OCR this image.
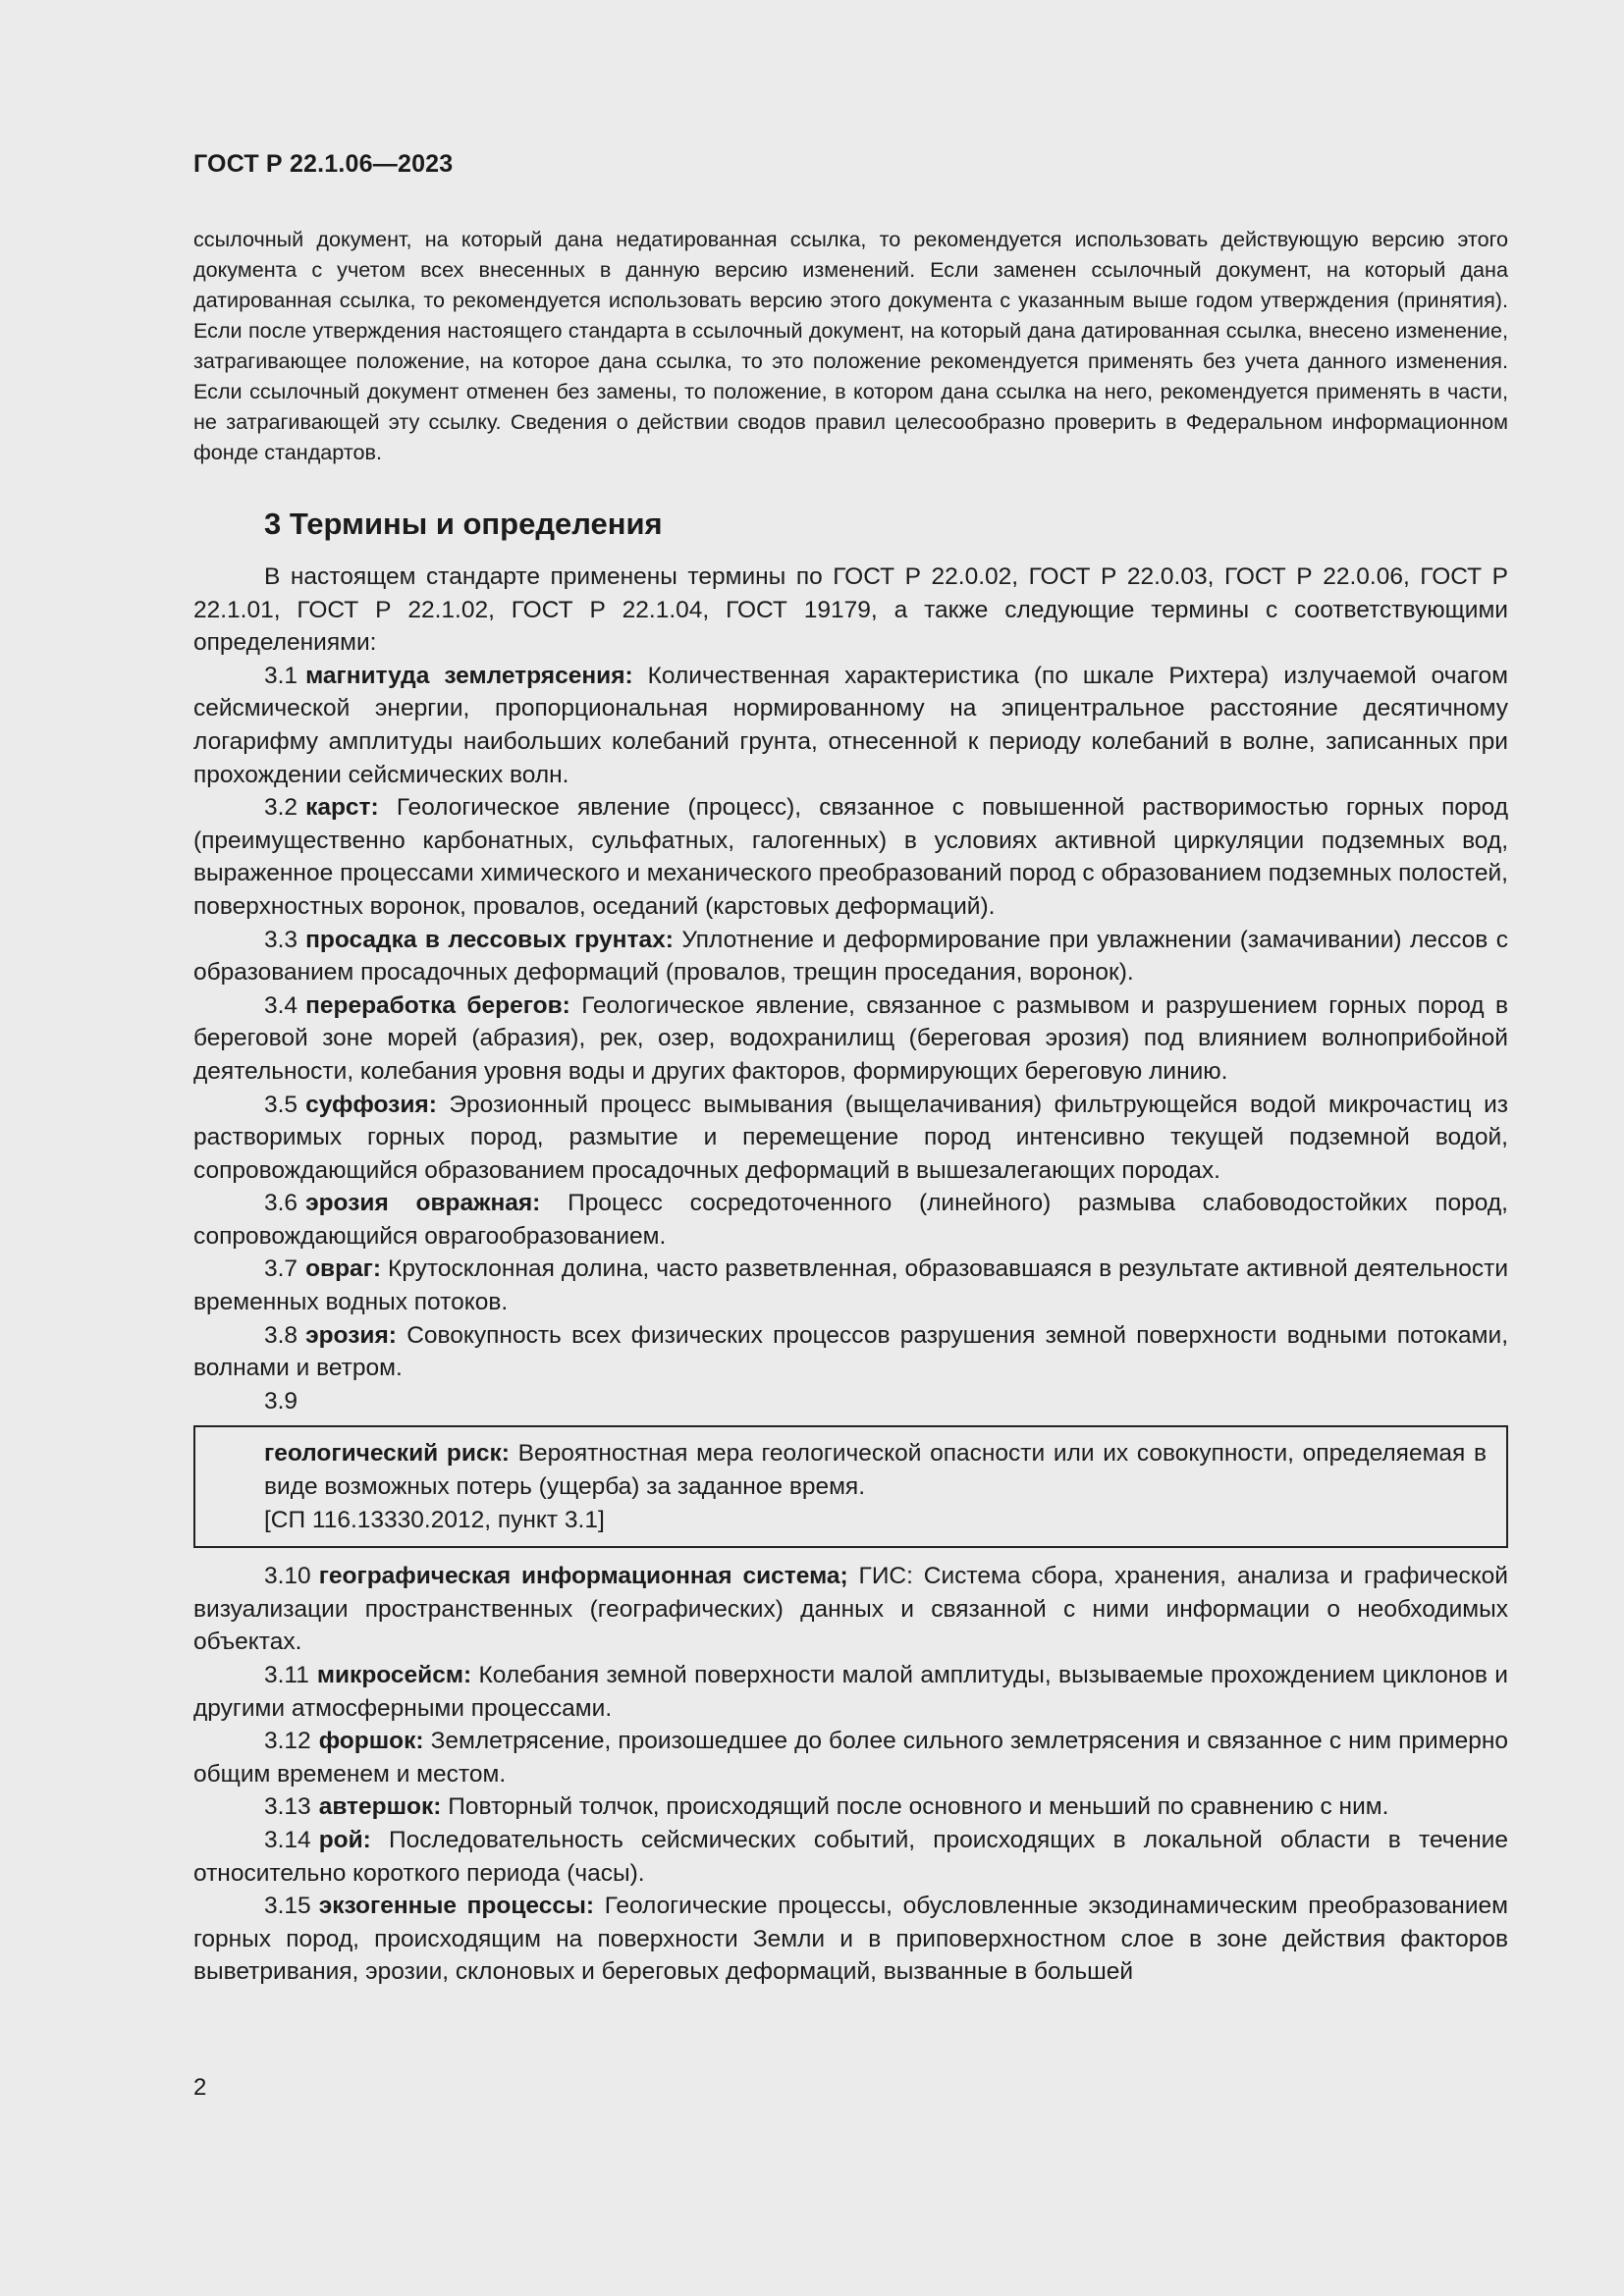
ГОСТ Р 22.1.06—2023

ссылочный документ, на который дана недатированная ссылка, то рекомендуется использовать действующую версию этого документа с учетом всех внесенных в данную версию изменений. Если заменен ссылочный документ, на который дана датированная ссылка, то рекомендуется использовать версию этого документа с указанным выше годом утверждения (принятия). Если после утверждения настоящего стандарта в ссылочный документ, на который дана датированная ссылка, внесено изменение, затрагивающее положение, на которое дана ссылка, то это положение рекомендуется применять без учета данного изменения. Если ссылочный документ отменен без замены, то положение, в котором дана ссылка на него, рекомендуется применять в части, не затрагивающей эту ссылку. Сведения о действии сводов правил целесообразно проверить в Федеральном информационном фонде стандартов.

3 Термины и определения

В настоящем стандарте применены термины по ГОСТ Р 22.0.02, ГОСТ Р 22.0.03, ГОСТ Р 22.0.06, ГОСТ Р 22.1.01, ГОСТ Р 22.1.02, ГОСТ Р 22.1.04, ГОСТ 19179, а также следующие термины с соответствующими определениями:

3.1 магнитуда землетрясения: Количественная характеристика (по шкале Рихтера) излучаемой очагом сейсмической энергии, пропорциональная нормированному на эпицентральное расстояние десятичному логарифму амплитуды наибольших колебаний грунта, отнесенной к периоду колебаний в волне, записанных при прохождении сейсмических волн.

3.2 карст: Геологическое явление (процесс), связанное с повышенной растворимостью горных пород (преимущественно карбонатных, сульфатных, галогенных) в условиях активной циркуляции подземных вод, выраженное процессами химического и механического преобразований пород с образованием подземных полостей, поверхностных воронок, провалов, оседаний (карстовых деформаций).

3.3 просадка в лессовых грунтах: Уплотнение и деформирование при увлажнении (замачивании) лессов с образованием просадочных деформаций (провалов, трещин проседания, воронок).

3.4 переработка берегов: Геологическое явление, связанное с размывом и разрушением горных пород в береговой зоне морей (абразия), рек, озер, водохранилищ (береговая эрозия) под влиянием волноприбойной деятельности, колебания уровня воды и других факторов, формирующих береговую линию.

3.5 суффозия: Эрозионный процесс вымывания (выщелачивания) фильтрующейся водой микрочастиц из растворимых горных пород, размытие и перемещение пород интенсивно текущей подземной водой, сопровождающийся образованием просадочных деформаций в вышезалегающих породах.

3.6 эрозия овражная: Процесс сосредоточенного (линейного) размыва слабоводостойких пород, сопровождающийся оврагообразованием.

3.7 овраг: Крутосклонная долина, часто разветвленная, образовавшаяся в результате активной деятельности временных водных потоков.

3.8 эрозия: Совокупность всех физических процессов разрушения земной поверхности водными потоками, волнами и ветром.

3.9

геологический риск: Вероятностная мера геологической опасности или их совокупности, определяемая в виде возможных потерь (ущерба) за заданное время.

[СП 116.13330.2012, пункт 3.1]

3.10 географическая информационная система; ГИС: Система сбора, хранения, анализа и графической визуализации пространственных (географических) данных и связанной с ними информации о необходимых объектах.

3.11 микросейсм: Колебания земной поверхности малой амплитуды, вызываемые прохождением циклонов и другими атмосферными процессами.

3.12 форшок: Землетрясение, произошедшее до более сильного землетрясения и связанное с ним примерно общим временем и местом.

3.13 автершок: Повторный толчок, происходящий после основного и меньший по сравнению с ним.

3.14 рой: Последовательность сейсмических событий, происходящих в локальной области в течение относительно короткого периода (часы).

3.15 экзогенные процессы: Геологические процессы, обусловленные экзодинамическим преобразованием горных пород, происходящим на поверхности Земли и в приповерхностном слое в зоне действия факторов выветривания, эрозии, склоновых и береговых деформаций, вызванные в большей

2
